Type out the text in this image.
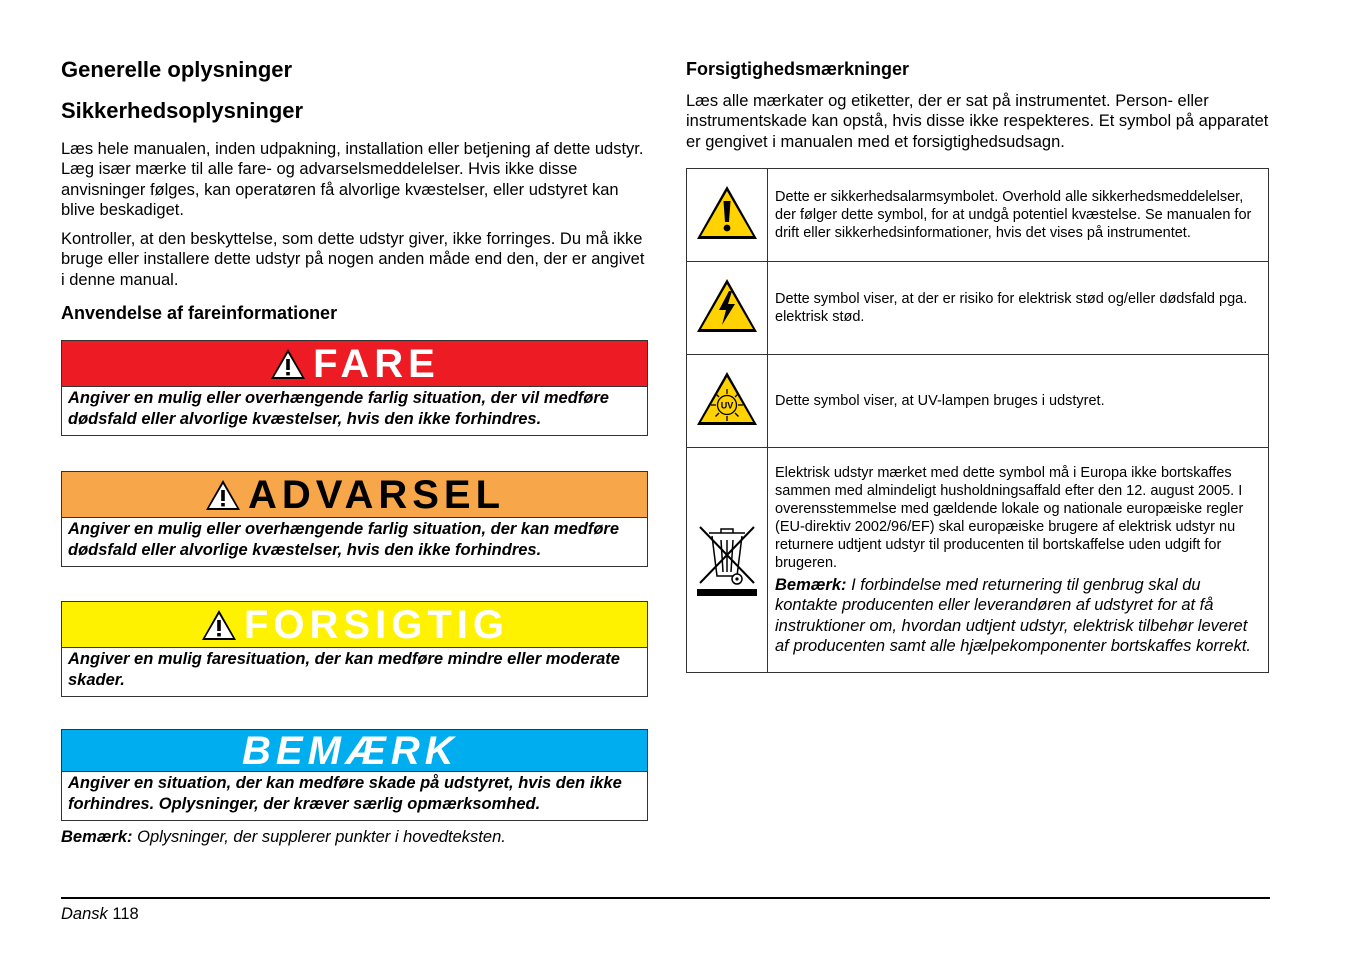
Generelle oplysninger
Sikkerhedsoplysninger

Læs hele manualen, inden udpakning, installation eller betjening af dette udstyr. Læg især mærke til alle fare- og advarselsmeddelelser. Hvis ikke disse anvisninger følges, kan operatøren få alvorlige kvæstelser, eller udstyret kan blive beskadiget.

Kontroller, at den beskyttelse, som dette udstyr giver, ikke forringes. Du må ikke bruge eller installere dette udstyr på nogen anden måde end den, der er angivet i denne manual.

Anvendelse af fareinformationer
FARE
Angiver en mulig eller overhængende farlig situation, der vil medføre dødsfald eller alvorlige kvæstelser, hvis den ikke forhindres.
ADVARSEL
Angiver en mulig eller overhængende farlig situation, der kan medføre dødsfald eller alvorlige kvæstelser, hvis den ikke forhindres.
FORSIGTIG
Angiver en mulig faresituation, der kan medføre mindre eller moderate skader.
BEMÆRK
Angiver en situation, der kan medføre skade på udstyret, hvis den ikke forhindres. Oplysninger, der kræver særlig opmærksomhed.
Bemærk: Oplysninger, der supplerer punkter i hovedteksten.
Forsigtighedsmærkninger

Læs alle mærkater og etiketter, der er sat på instrumentet. Person- eller instrumentskade kan opstå, hvis disse ikke respekteres. Et symbol på apparatet er gengivet i manualen med et forsigtighedsudsagn.

	Dette er sikkerhedsalarmsymbolet. Overhold alle sikkerhedsmeddelelser, der følger dette symbol, for at undgå potentiel kvæstelse. Se manualen for drift eller sikkerhedsinformationer, hvis det vises på instrumentet.
	Dette symbol viser, at der er risiko for elektrisk stød og/eller dødsfald pga. elektrisk stød.

UV	Dette symbol viser, at UV-lampen bruges i udstyret.

Elektrisk udstyr mærket med dette symbol må i Europa ikke bortskaffes sammen med almindeligt husholdningsaffald efter den 12. august 2005. I overensstemmelse med gældende lokale og nationale europæiske regler (EU-direktiv 2002/96/EF) skal europæiske brugere af elektrisk udstyr nu returnere udtjent udstyr til producenten til bortskaffelse uden udgift for brugeren.
Bemærk: I forbindelse med returnering til genbrug skal du kontakte producenten eller leverandøren af udstyret for at få instruktioner om, hvordan udtjent udstyr, elektrisk tilbehør leveret af producenten samt alle hjælpekomponenter bortskaffes korrekt.
Dansk 118
